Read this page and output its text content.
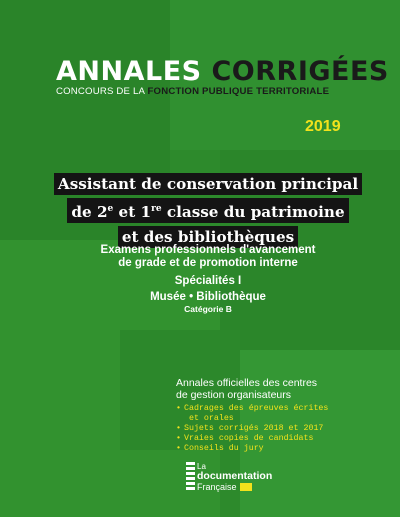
ANNALES CORRIGÉES
CONCOURS DE LA FONCTION PUBLIQUE TERRITORIALE
2019
Assistant de conservation principal
de 2e et 1re classe du patrimoine
et des bibliothèques
Examens professionnels d'avancement
de grade et de promotion interne
Spécialités I
Musée • Bibliothèque
Catégorie B
Annales officielles des centres
de gestion organisateurs
• Cadrages des épreuves écrites
et orales
• Sujets corrigés 2018 et 2017
• Vraies copies de candidats
• Conseils du jury
La
documentation
Française
